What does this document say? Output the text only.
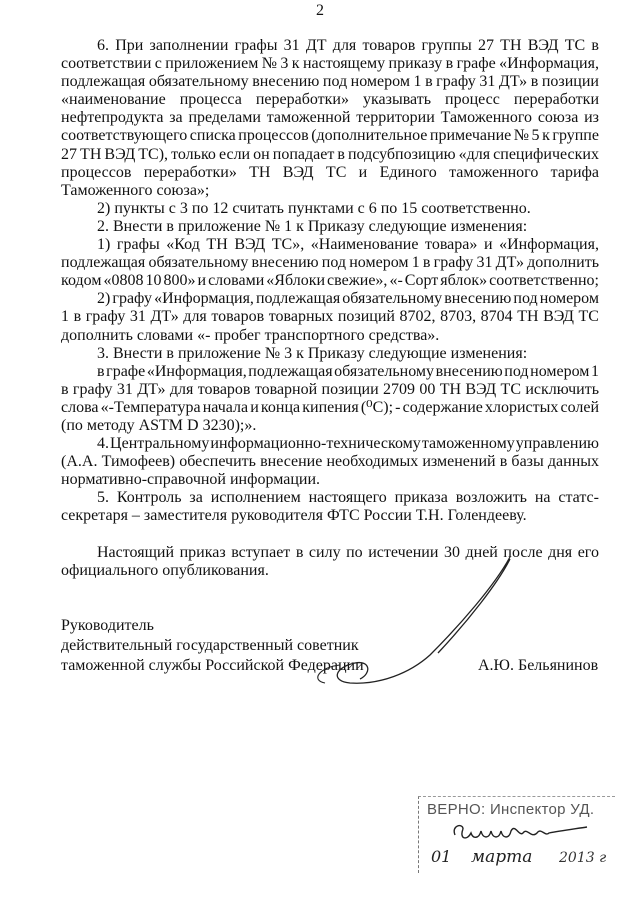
2
6. При заполнении графы 31 ДТ для товаров группы 27 ТН ВЭД ТС в
соответствии с приложением № 3 к настоящему приказу в графе «Информация,
подлежащая обязательному внесению под номером 1 в графу 31 ДТ» в позиции
«наименование процесса переработки» указывать процесс переработки
нефтепродукта за пределами таможенной территории Таможенного союза из
соответствующего списка процессов (дополнительное примечание № 5 к группе
27 ТН ВЭД ТС), только если он попадает в подсубпозицию «для специфических
процессов переработки» ТН ВЭД ТС и Единого таможенного тарифа
Таможенного союза»;
2) пункты с 3 по 12 считать пунктами с 6 по 15 соответственно.
2. Внести в приложение № 1 к Приказу следующие изменения:
1) графы «Код ТН ВЭД ТС», «Наименование товара» и «Информация,
подлежащая обязательному внесению под номером 1 в графу 31 ДТ» дополнить
кодом «0808 10 800» и словами «Яблоки свежие», «- Сорт яблок» соответственно;
2) графу «Информация, подлежащая обязательному внесению под номером
1 в графу 31 ДТ» для товаров товарных позиций 8702, 8703, 8704 ТН ВЭД ТС
дополнить словами «- пробег транспортного средства».
3. Внести в приложение № 3 к Приказу следующие изменения:
в графе «Информация, подлежащая обязательному внесению под номером 1
в графу 31 ДТ» для товаров товарной позиции 2709 00 ТН ВЭД ТС исключить
слова «-Температура начала и конца кипения (⁰С); - содержание хлористых солей
(по методу ASTM D 3230);».
4. Центральному информационно-техническому таможенному управлению
(А.А. Тимофеев) обеспечить внесение необходимых изменений в базы данных
нормативно-справочной информации.
5. Контроль за исполнением настоящего приказа возложить на статс-
секретаря – заместителя руководителя ФТС России Т.Н. Голендееву.
Настоящий приказ вступает в силу по истечении 30 дней после дня его
официального опубликования.
Руководитель
действительный государственный советник
таможенной службы Российской Федерации	А.Ю. Бельянинов
ВЕРНО: Инспектор УД.
01 марта 2013 г
